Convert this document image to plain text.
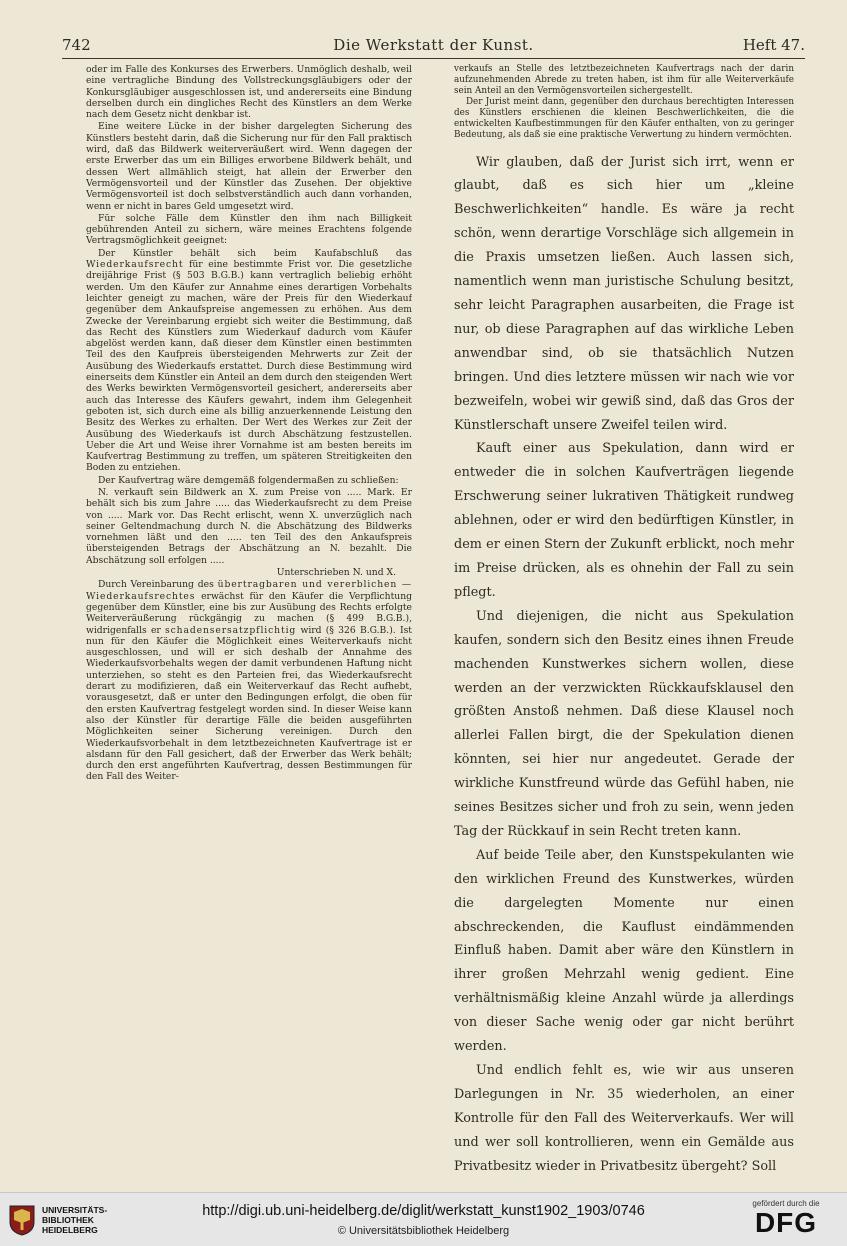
742	Die Werkstatt der Kunst.	Heft 47.

oder im Falle des Konkurses des Erwerbers. Unmöglich deshalb, weil eine vertragliche Bindung des Vollstreckungsgläubigers oder der Konkursgläubiger ausgeschlossen ist, und andererseits eine Bindung derselben durch ein dingliches Recht des Künstlers an dem Werke nach dem Gesetz nicht denkbar ist.

Eine weitere Lücke in der bisher dargelegten Sicherung des Künstlers besteht darin, daß die Sicherung nur für den Fall praktisch wird, daß das Bildwerk weiterveräußert wird. Wenn dagegen der erste Erwerber das um ein Billiges erworbene Bildwerk behält, und dessen Wert allmählich steigt, hat allein der Erwerber den Vermögensvorteil und der Künstler das Zusehen. Der objektive Vermögensvorteil ist doch selbstverständlich auch dann vorhanden, wenn er nicht in bares Geld umgesetzt wird.

Für solche Fälle dem Künstler den ihm nach Billigkeit gebührenden Anteil zu sichern, wäre meines Erachtens folgende Vertragsmöglichkeit geeignet:

Der Künstler behält sich beim Kaufabschluß das Wiederkaufsrecht für eine bestimmte Frist vor. Die gesetzliche dreijährige Frist (§ 503 B.G.B.) kann vertraglich beliebig erhöht werden. Um den Käufer zur Annahme eines derartigen Vorbehalts leichter geneigt zu machen, wäre der Preis für den Wiederkauf gegenüber dem Ankaufspreise angemessen zu erhöhen. Aus dem Zwecke der Vereinbarung ergiebt sich weiter die Bestimmung, daß das Recht des Künstlers zum Wiederkauf dadurch vom Käufer abgelöst werden kann, daß dieser dem Künstler einen bestimmten Teil des den Kaufpreis übersteigenden Mehrwerts zur Zeit der Ausübung des Wiederkaufs erstattet. Durch diese Bestimmung wird einerseits dem Künstler ein Anteil an dem durch den steigenden Wert des Werks bewirkten Vermögensvorteil gesichert, andererseits aber auch das Interesse des Käufers gewahrt, indem ihm Gelegenheit geboten ist, sich durch eine als billig anzuerkennende Leistung den Besitz des Werkes zu erhalten. Der Wert des Werkes zur Zeit der Ausübung des Wiederkaufs ist durch Abschätzung festzustellen. Ueber die Art und Weise ihrer Vornahme ist am besten bereits im Kaufvertrag Bestimmung zu treffen, um späteren Streitigkeiten den Boden zu entziehen.

Der Kaufvertrag wäre demgemäß folgendermaßen zu schließen:

N. verkauft sein Bildwerk an X. zum Preise von ..... Mark. Er behält sich bis zum Jahre ..... das Wiederkaufsrecht zu dem Preise von ..... Mark vor. Das Recht erlischt, wenn X. unverzüglich nach seiner Geltendmachung durch N. die Abschätzung des Bildwerks vornehmen läßt und den ..... ten Teil des den Ankaufspreis übersteigenden Betrags der Abschätzung an N. bezahlt. Die Abschätzung soll erfolgen .....

Unterschrieben N. und X.

Durch Vereinbarung des übertragbaren und vererblichen — Wiederkaufsrechtes erwächst für den Käufer die Verpflichtung gegenüber dem Künstler, eine bis zur Ausübung des Rechts erfolgte Weiterveräußerung rückgängig zu machen (§ 499 B.G.B.), widrigenfalls er schadensersatzpflichtig wird (§ 326 B.G.B.). Ist nun für den Käufer die Möglichkeit eines Weiterverkaufs nicht ausgeschlossen, und will er sich deshalb der Annahme des Wiederkaufsvorbehalts wegen der damit verbundenen Haftung nicht unterziehen, so steht es den Parteien frei, das Wiederkaufsrecht derart zu modifizieren, daß ein Weiterverkauf das Recht aufhebt, vorausgesetzt, daß er unter den Bedingungen erfolgt, die oben für den ersten Kaufvertrag festgelegt worden sind. In dieser Weise kann also der Künstler für derartige Fälle die beiden ausgeführten Möglichkeiten seiner Sicherung vereinigen. Durch den Wiederkaufsvorbehalt in dem letztbezeichneten Kaufvertrage ist er alsdann für den Fall gesichert, daß der Erwerber das Werk behält; durch den erst angeführten Kaufvertrag, dessen Bestimmungen für den Fall des Weiter-

verkaufs an Stelle des letztbezeichneten Kaufvertrags nach der darin aufzunehmenden Abrede zu treten haben, ist ihm für alle Weiterverkäufe sein Anteil an den Vermögensvorteilen sichergestellt.

Der Jurist meint dann, gegenüber den durchaus berechtigten Interessen des Künstlers erschienen die kleinen Beschwerlichkeiten, die die entwickelten Kaufbestimmungen für den Käufer enthalten, von zu geringer Bedeutung, als daß sie eine praktische Verwertung zu hindern vermöchten.

Wir glauben, daß der Jurist sich irrt, wenn er glaubt, daß es sich hier um „kleine Beschwerlichkeiten“ handle. Es wäre ja recht schön, wenn derartige Vorschläge sich allgemein in die Praxis umsetzen ließen. Auch lassen sich, namentlich wenn man juristische Schulung besitzt, sehr leicht Paragraphen ausarbeiten, die Frage ist nur, ob diese Paragraphen auf das wirkliche Leben anwendbar sind, ob sie thatsächlich Nutzen bringen. Und dies letztere müssen wir nach wie vor bezweifeln, wobei wir gewiß sind, daß das Gros der Künstlerschaft unsere Zweifel teilen wird.

Kauft einer aus Spekulation, dann wird er entweder die in solchen Kaufverträgen liegende Erschwerung seiner lukrativen Thätigkeit rundweg ablehnen, oder er wird den bedürftigen Künstler, in dem er einen Stern der Zukunft erblickt, noch mehr im Preise drücken, als es ohnehin der Fall zu sein pflegt.

Und diejenigen, die nicht aus Spekulation kaufen, sondern sich den Besitz eines ihnen Freude machenden Kunstwerkes sichern wollen, diese werden an der verzwickten Rückkaufsklausel den größten Anstoß nehmen. Daß diese Klausel noch allerlei Fallen birgt, die der Spekulation dienen könnten, sei hier nur angedeutet. Gerade der wirkliche Kunstfreund würde das Gefühl haben, nie seines Besitzes sicher und froh zu sein, wenn jeden Tag der Rückkauf in sein Recht treten kann.

Auf beide Teile aber, den Kunstspekulanten wie den wirklichen Freund des Kunstwerkes, würden die dargelegten Momente nur einen abschreckenden, die Kauflust eindämmenden Einfluß haben. Damit aber wäre den Künstlern in ihrer großen Mehrzahl wenig gedient. Eine verhältnismäßig kleine Anzahl würde ja allerdings von dieser Sache wenig oder gar nicht berührt werden.

Und endlich fehlt es, wie wir aus unseren Darlegungen in Nr. 35 wiederholen, an einer Kontrolle für den Fall des Weiterverkaufs. Wer will und wer soll kontrollieren, wenn ein Gemälde aus Privatbesitz wieder in Privatbesitz übergeht? Soll

UNIVERSITÄTS-
BIBLIOTHEK
HEIDELBERG
http://digi.ub.uni-heidelberg.de/diglit/werkstatt_kunst1902_1903/0746
© Universitätsbibliothek Heidelberg
gefördert durch die
DFG
